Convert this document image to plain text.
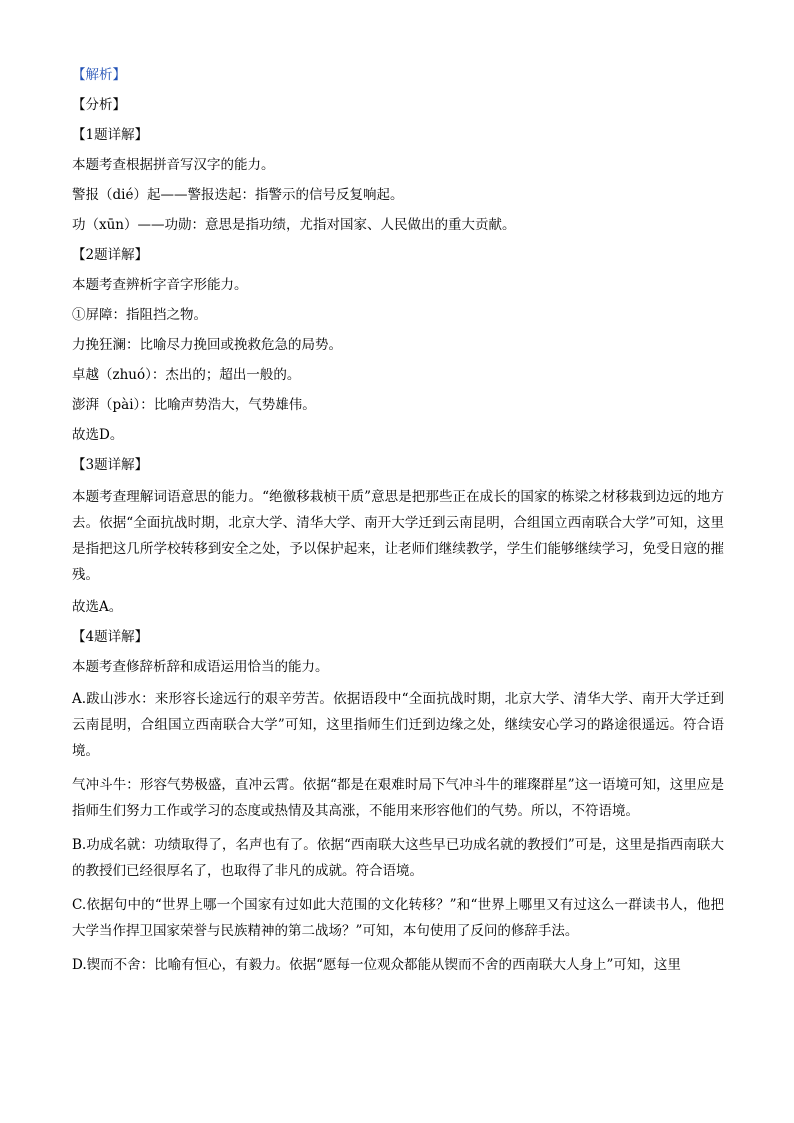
【解析】
【分析】
【1题详解】
本题考查根据拼音写汉字的能力。
警报（dié）起——警报迭起：指警示的信号反复响起。
功（xūn）——功勋：意思是指功绩，尤指对国家、人民做出的重大贡献。
【2题详解】
本题考查辨析字音字形能力。
①屏障：指阻挡之物。
力挽狂澜：比喻尽力挽回或挽救危急的局势。
卓越（zhuó）：杰出的；超出一般的。
澎湃（pài）：比喻声势浩大，气势雄伟。
故选D。
【3题详解】
本题考查理解词语意思的能力。“绝徼移栽桢干质”意思是把那些正在成长的国家的栋梁之材移栽到边远的地方去。依据“全面抗战时期，北京大学、清华大学、南开大学迁到云南昆明，合组国立西南联合大学”可知，这里是指把这几所学校转移到安全之处，予以保护起来，让老师们继续教学，学生们能够继续学习，免受日寇的摧残。
故选A。
【4题详解】
本题考查修辞析辞和成语运用恰当的能力。
A.跋山涉水：来形容长途远行的艰辛劳苦。依据语段中“全面抗战时期，北京大学、清华大学、南开大学迁到云南昆明，合组国立西南联合大学”可知，这里指师生们迁到边缘之处，继续安心学习的路途很遥远。符合语境。
气冲斗牛：形容气势极盛，直冲云霄。依据“都是在艰难时局下气冲斗牛的璀璨群星”这一语境可知，这里应是指师生们努力工作或学习的态度或热情及其高涨，不能用来形容他们的气势。所以，不符语境。
B.功成名就：功绩取得了，名声也有了。依据“西南联大这些早已功成名就的教授们”可是，这里是指西南联大的教授们已经很厚名了，也取得了非凡的成就。符合语境。
C.依据句中的“世界上哪一个国家有过如此大范围的文化转移？”和“世界上哪里又有过这么一群读书人，他把大学当作捍卫国家荣誉与民族精神的第二战场？”可知，本句使用了反问的修辞手法。
D.锲而不舍：比喻有恒心，有毅力。依据“愿每一位观众都能从锲而不舍的西南联大人身上”可知，这里
